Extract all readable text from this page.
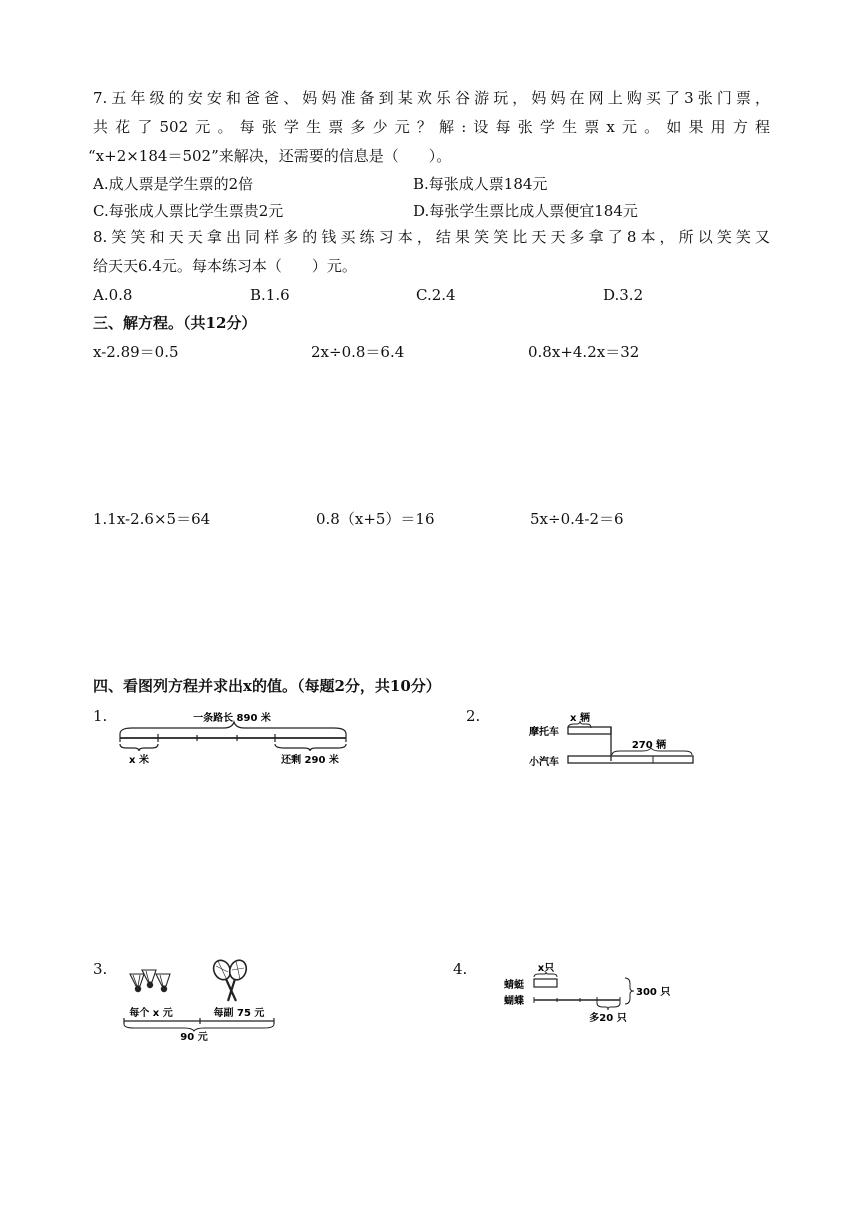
7.五年级的安安和爸爸、妈妈准备到某欢乐谷游玩，妈妈在网上购买了3张门票，
共花了502元。每张学生票多少元？解:设每张学生票x元。如果用方程
“x+2×184＝502”来解决，还需要的信息是（　　）。
A.成人票是学生票的2倍	B.每张成人票184元
C.每张成人票比学生票贵2元	D.每张学生票比成人票便宜184元
8.笑笑和天天拿出同样多的钱买练习本，结果笑笑比天天多拿了8本，所以笑笑又
给天天6.4元。每本练习本（　　）元。
A.0.8	B.1.6	C.2.4	D.3.2
三、解方程。（共12分）
x-2.89＝0.5	2x÷0.8＝6.4	0.8x+4.2x＝32
1.1x-2.6×5＝64	0.8（x+5）＝16	5x÷0.4-2＝6
四、看图列方程并求出x的值。（每题2分，共10分）
1.	一条路长 890 米
x 米	还剩 290 米
2.	x 辆
摩托车
270 辆
小汽车
3.
每个 x 元	每副 75 元
90 元
4.	x只
蜻蜓
蝴蝶
多20 只
300 只
